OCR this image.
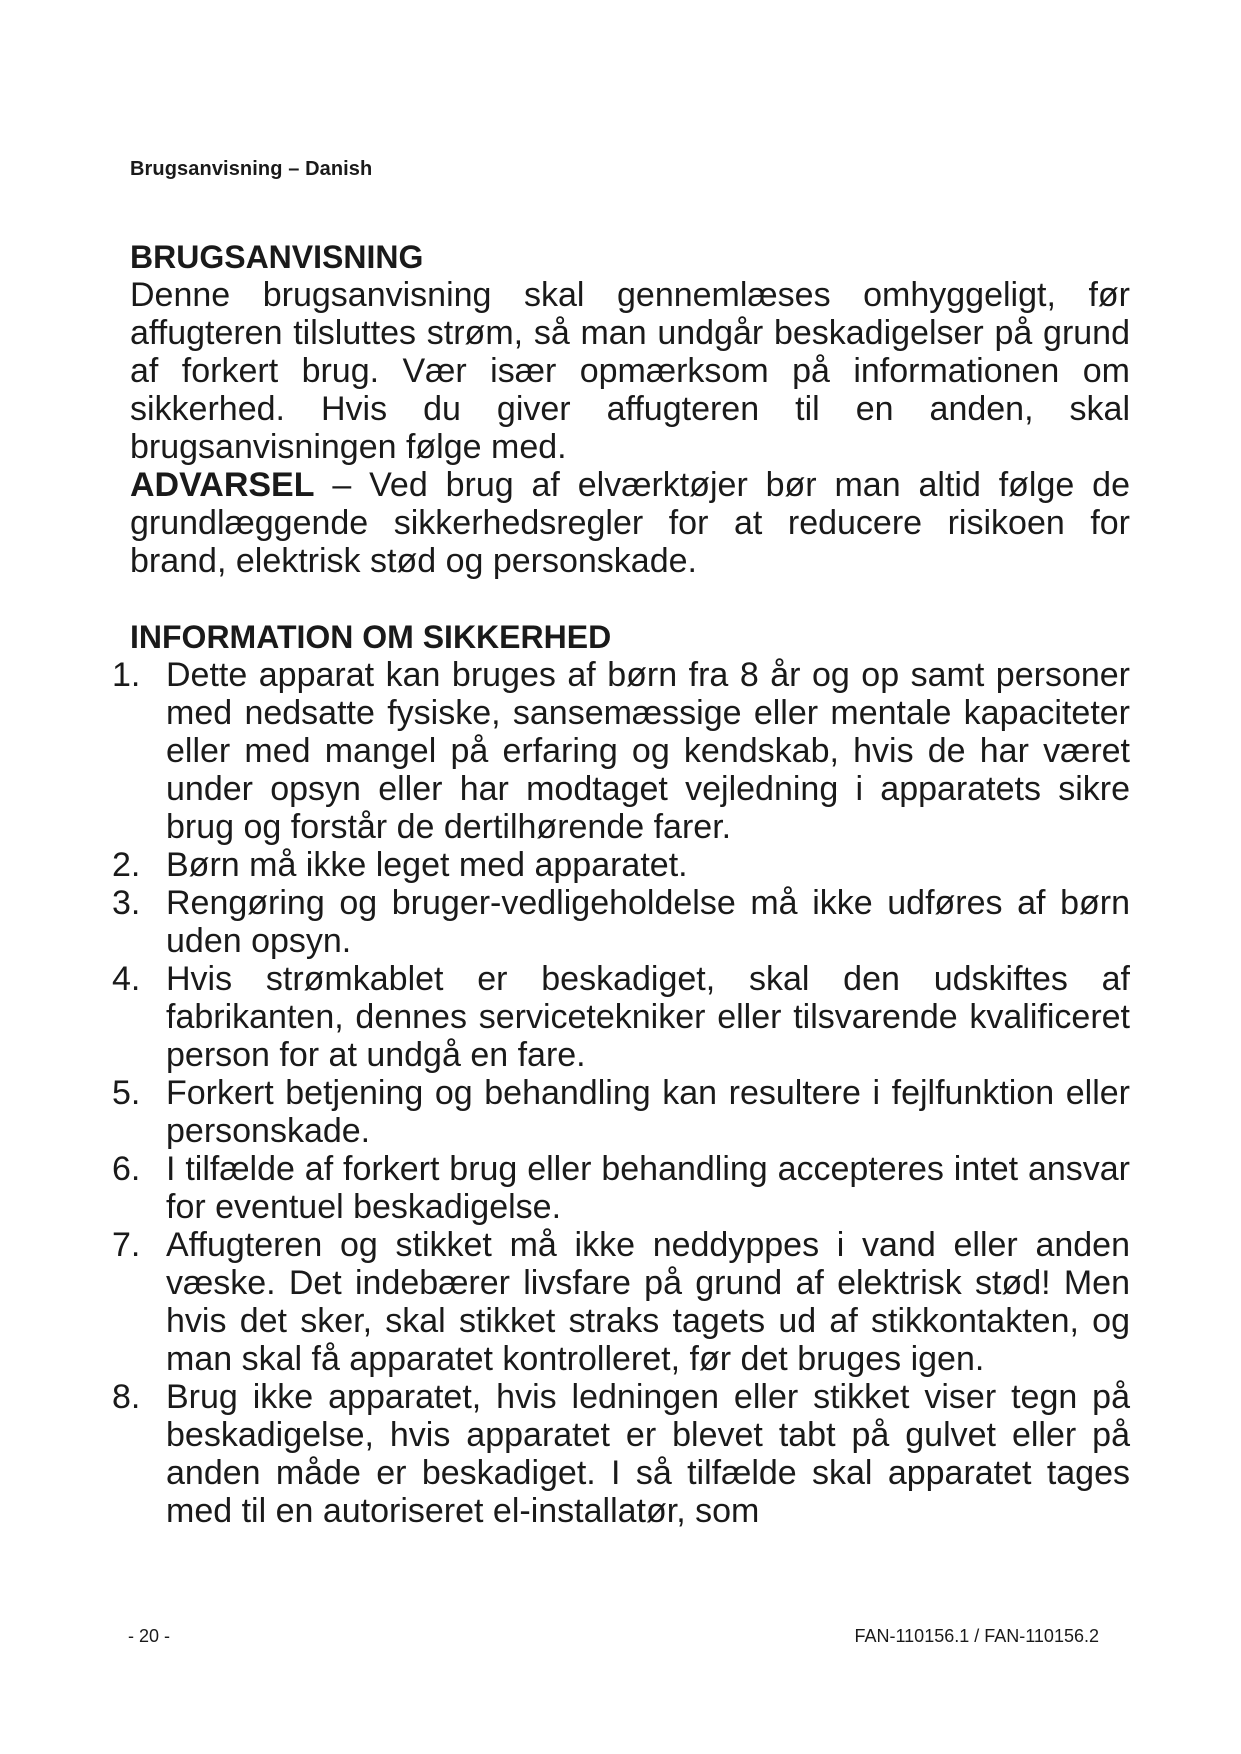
Brugsanvisning – Danish
BRUGSANVISNING
Denne brugsanvisning skal gennemlæses omhyggeligt, før affugteren tilsluttes strøm, så man undgår beskadigelser på grund af forkert brug. Vær især opmærksom på informationen om sikkerhed. Hvis du giver affugteren til en anden, skal brugsanvisningen følge med.
ADVARSEL – Ved brug af elværktøjer bør man altid følge de grundlæggende sikkerhedsregler for at reducere risikoen for brand, elektrisk stød og personskade.
INFORMATION OM SIKKERHED
1. Dette apparat kan bruges af børn fra 8 år og op samt personer med nedsatte fysiske, sansemæssige eller mentale kapaciteter eller med mangel på erfaring og kendskab, hvis de har været under opsyn eller har modtaget vejledning i apparatets sikre brug og forstår de dertilhørende farer.
2. Børn må ikke leget med apparatet.
3. Rengøring og bruger-vedligeholdelse må ikke udføres af børn uden opsyn.
4. Hvis strømkablet er beskadiget, skal den udskiftes af fabrikanten, dennes servicetekniker eller tilsvarende kvalificeret person for at undgå en fare.
5. Forkert betjening og behandling kan resultere i fejlfunktion eller personskade.
6. I tilfælde af forkert brug eller behandling accepteres intet ansvar for eventuel beskadigelse.
7. Affugteren og stikket må ikke neddyppes i vand eller anden væske. Det indebærer livsfare på grund af elektrisk stød! Men hvis det sker, skal stikket straks tagets ud af stikkontakten, og man skal få apparatet kontrolleret, før det bruges igen.
8. Brug ikke apparatet, hvis ledningen eller stikket viser tegn på beskadigelse, hvis apparatet er blevet tabt på gulvet eller på anden måde er beskadiget. I så tilfælde skal apparatet tages med til en autoriseret el-installatør, som
- 20 -	FAN-110156.1 / FAN-110156.2
